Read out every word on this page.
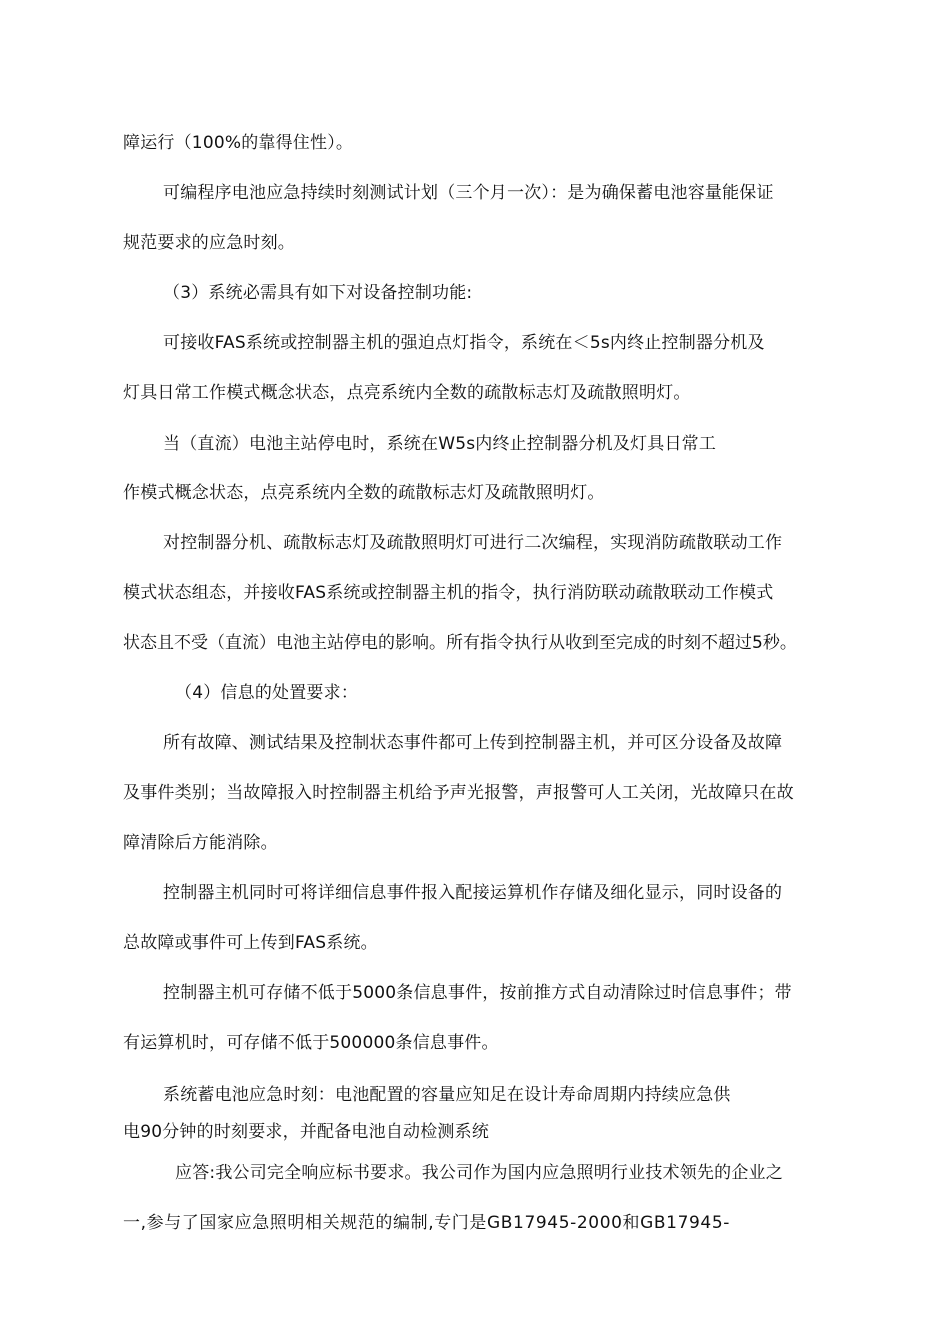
障运行（100%的靠得住性）。
可编程序电池应急持续时刻测试计划（三个月一次）：是为确保蓄电池容量能保证
规范要求的应急时刻。
（3）系统必需具有如下对设备控制功能:
可接收FAS系统或控制器主机的强迫点灯指令，系统在＜5s内终止控制器分机及
灯具日常工作模式概念状态，点亮系统内全数的疏散标志灯及疏散照明灯。
当（直流）电池主站停电时，系统在W5s内终止控制器分机及灯具日常工
作模式概念状态，点亮系统内全数的疏散标志灯及疏散照明灯。
对控制器分机、疏散标志灯及疏散照明灯可进行二次编程，实现消防疏散联动工作
模式状态组态，并接收FAS系统或控制器主机的指令，执行消防联动疏散联动工作模式
状态且不受（直流）电池主站停电的影响。所有指令执行从收到至完成的时刻不超过5秒。
（4）信息的处置要求：
所有故障、测试结果及控制状态事件都可上传到控制器主机，并可区分设备及故障
及事件类别；当故障报入时控制器主机给予声光报警，声报警可人工关闭，光故障只在故
障清除后方能消除。
控制器主机同时可将详细信息事件报入配接运算机作存储及细化显示，同时设备的
总故障或事件可上传到FAS系统。
控制器主机可存储不低于5000条信息事件，按前推方式自动清除过时信息事件；带
有运算机时，可存储不低于500000条信息事件。
系统蓄电池应急时刻：电池配置的容量应知足在设计寿命周期内持续应急供
电90分钟的时刻要求，并配备电池自动检测系统
应答:我公司完全响应标书要求。我公司作为国内应急照明行业技术领先的企业之
一,参与了国家应急照明相关规范的编制,专门是GB17945-2000和GB17945-
